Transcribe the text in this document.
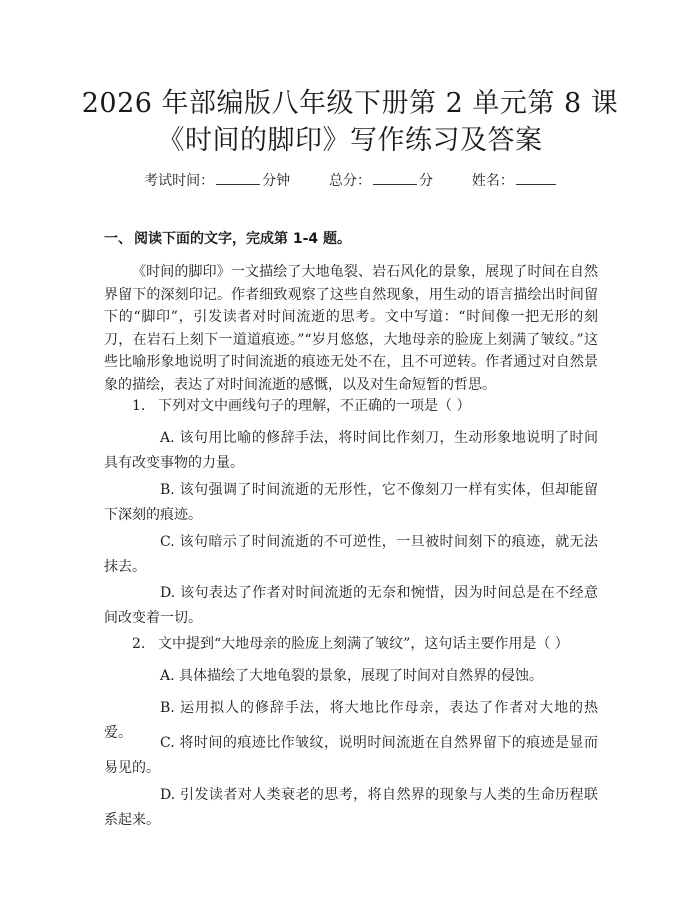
2026 年部编版八年级下册第 2 单元第 8 课
《时间的脚印》写作练习及答案
考试时间：	分钟	总分：	分	姓名：
一、 阅读下面的文字，完成第 1-4 题。

《时间的脚印》一文描绘了大地龟裂、岩石风化的景象，展现了时间在自然界留下的深刻印记。作者细致观察了这些自然现象，用生动的语言描绘出时间留下的“脚印”，引发读者对时间流逝的思考。文中写道：“时间像一把无形的刻刀，在岩石上刻下一道道痕迹。”“岁月悠悠，大地母亲的脸庞上刻满了皱纹。”这些比喻形象地说明了时间流逝的痕迹无处不在，且不可逆转。作者通过对自然景象的描绘，表达了对时间流逝的感慨，以及对生命短暂的哲思。

1. 下列对文中画线句子的理解，不正确的一项是（ ）

A. 该句用比喻的修辞手法，将时间比作刻刀，生动形象地说明了时间具有改变事物的力量。

B. 该句强调了时间流逝的无形性，它不像刻刀一样有实体，但却能留下深刻的痕迹。

C. 该句暗示了时间流逝的不可逆性，一旦被时间刻下的痕迹，就无法抹去。

D. 该句表达了作者对时间流逝的无奈和惋惜，因为时间总是在不经意间改变着一切。

2. 文中提到“大地母亲的脸庞上刻满了皱纹”，这句话主要作用是（ ）

A. 具体描绘了大地龟裂的景象，展现了时间对自然界的侵蚀。

B. 运用拟人的修辞手法，将大地比作母亲，表达了作者对大地的热爱。

C. 将时间的痕迹比作皱纹，说明时间流逝在自然界留下的痕迹是显而易见的。

D. 引发读者对人类衰老的思考，将自然界的现象与人类的生命历程联系起来。
